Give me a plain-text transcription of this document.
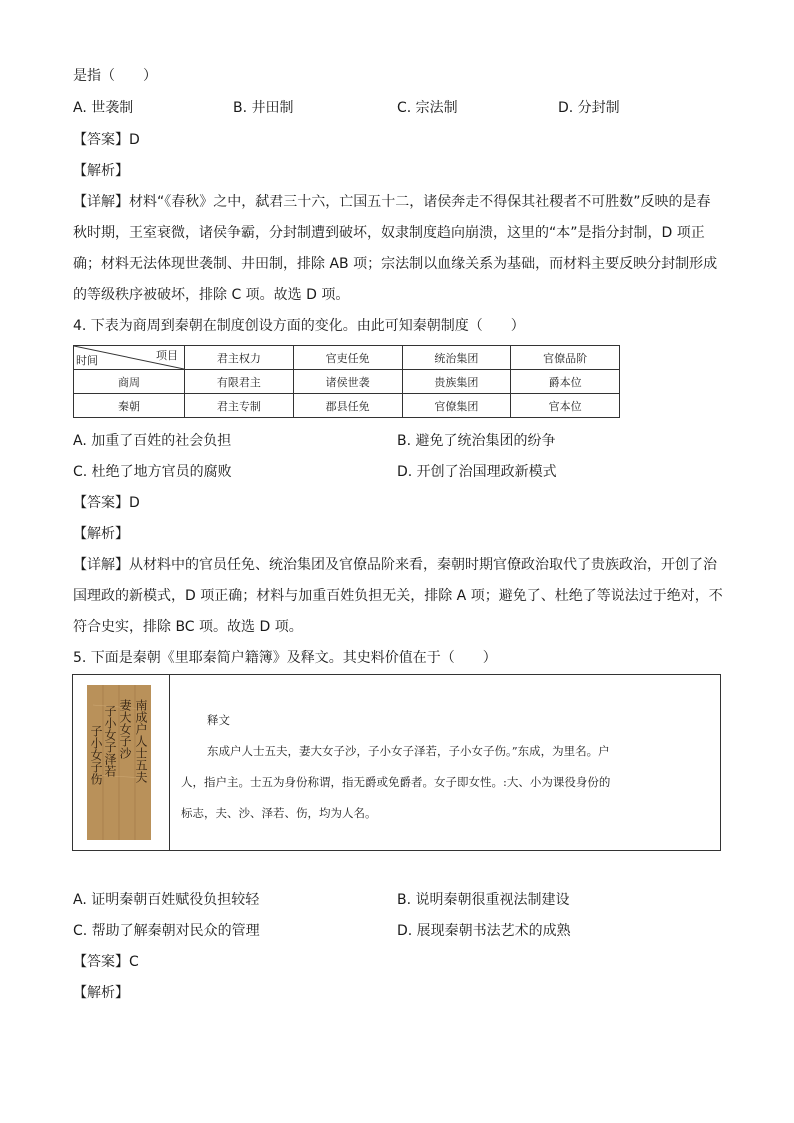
是指（　　）
A. 世袭制	B. 井田制	C. 宗法制	D. 分封制
【答案】D
【解析】
【详解】材料“《春秋》之中，弑君三十六，亡国五十二，诸侯奔走不得保其社稷者不可胜数”反映的是春
秋时期，王室衰微，诸侯争霸，分封制遭到破坏，奴隶制度趋向崩溃，这里的“本”是指分封制，D 项正
确；材料无法体现世袭制、井田制，排除 AB 项；宗法制以血缘关系为基础，而材料主要反映分封制形成
的等级秩序被破坏，排除 C 项。故选 D 项。
4. 下表为商周到秦朝在制度创设方面的变化。由此可知秦朝制度（　　）
时间 项目	君主权力	官吏任免	统治集团	官僚品阶
商周	有限君主	诸侯世袭	贵族集团	爵本位
秦朝	君主专制	郡县任免	官僚集团	官本位
A. 加重了百姓的社会负担	B. 避免了统治集团的纷争
C. 杜绝了地方官员的腐败	D. 开创了治国理政新模式
【答案】D
【解析】
【详解】从材料中的官员任免、统治集团及官僚品阶来看，秦朝时期官僚政治取代了贵族政治，开创了治
国理政的新模式，D 项正确；材料与加重百姓负担无关，排除 A 项；避免了、杜绝了等说法过于绝对，不
符合史实，排除 BC 项。故选 D 项。
5. 下面是秦朝《里耶秦简户籍簿》及释文。其史料价值在于（　　）
南成户人士五夫
妻大女子沙
子小女子泽若
子小女子伤

释文

东成户人士五夫，妻大女子沙，子小女子泽若，子小女子伤。”东成，为里名。户

人，指户主。士五为身份称谓，指无爵或免爵者。女子即女性。:大、小为课役身份的

标志，夫、沙、泽若、伤，均为人名。

A. 证明秦朝百姓赋役负担较轻	B. 说明秦朝很重视法制建设
C. 帮助了解秦朝对民众的管理	D. 展现秦朝书法艺术的成熟
【答案】C
【解析】
